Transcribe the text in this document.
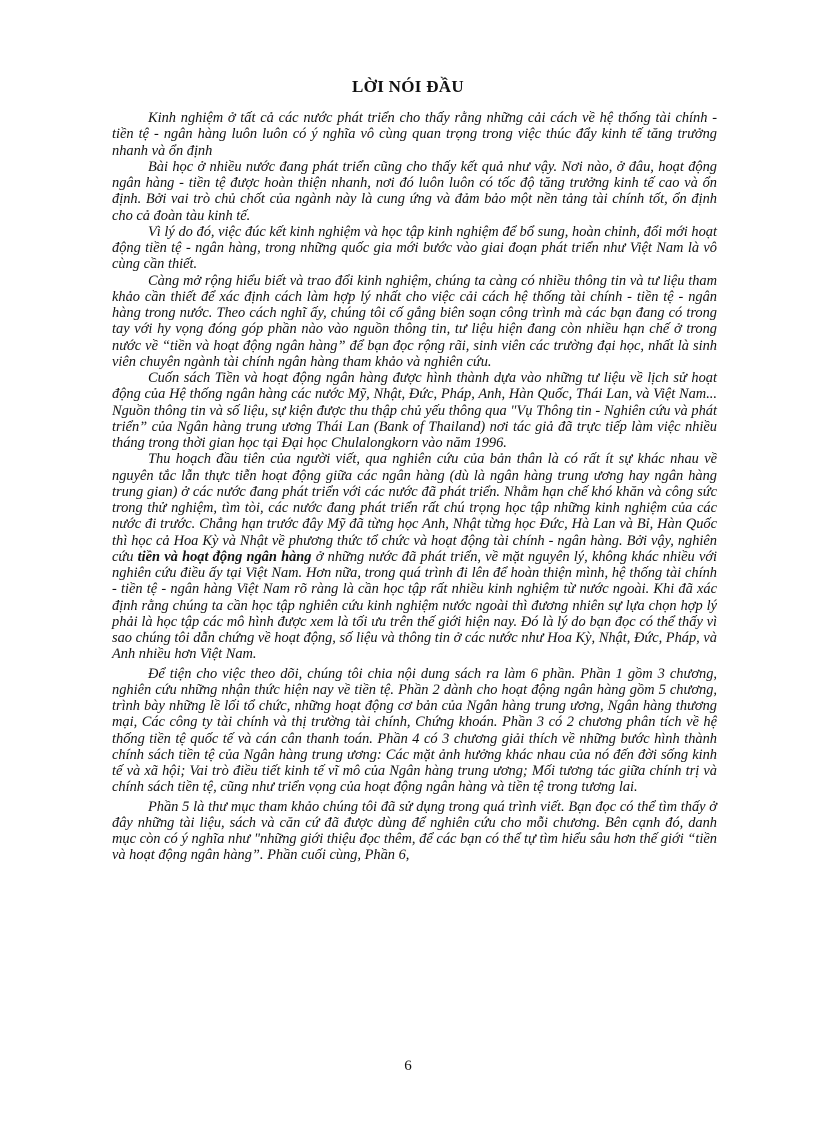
LỜI NÓI ĐẦU

Kinh nghiệm ở tất cả các nước phát triển cho thấy rằng những cải cách về hệ thống tài chính - tiền tệ - ngân hàng luôn luôn có ý nghĩa vô cùng quan trọng trong việc thúc đẩy kinh tế tăng trưởng nhanh và ổn định

Bài học ở nhiều nước đang phát triển cũng cho thấy kết quả như vậy. Nơi nào, ở đâu, hoạt động ngân hàng - tiền tệ được hoàn thiện nhanh, nơi đó luôn luôn có tốc độ tăng trưởng kinh tế cao và ổn định. Bởi vai trò chủ chốt của ngành này là cung ứng và đảm bảo một nền tảng tài chính tốt, ổn định cho cả đoàn tàu kinh tế.

Vì lý do đó, việc đúc kết kinh nghiệm và học tập kinh nghiệm để bổ sung, hoàn chỉnh, đổi mới hoạt động tiền tệ - ngân hàng, trong những quốc gia mới bước vào giai đoạn phát triển như Việt Nam là vô cùng cần thiết.

Càng mở rộng hiểu biết và trao đổi kinh nghiệm, chúng ta càng có nhiều thông tin và tư liệu tham khảo cần thiết để xác định cách làm hợp lý nhất cho việc cải cách hệ thống tài chính - tiền tệ - ngân hàng trong nước. Theo cách nghĩ ấy, chúng tôi cố gắng biên soạn công trình mà các bạn đang có trong tay với hy vọng đóng góp phần nào vào nguồn thông tin, tư liệu hiện đang còn nhiều hạn chế ở trong nước về “tiền và hoạt động ngân hàng” để bạn đọc rộng rãi, sinh viên các trường đại học, nhất là sinh viên chuyên ngành tài chính ngân hàng tham khảo và nghiên cứu.

Cuốn sách Tiền và hoạt động ngân hàng được hình thành dựa vào những tư liệu về lịch sử hoạt động của Hệ thống ngân hàng các nước Mỹ, Nhật, Đức, Pháp, Anh, Hàn Quốc, Thái Lan, và Việt Nam... Nguồn thông tin và số liệu, sự kiện được thu thập chủ yếu thông qua "Vụ Thông tin - Nghiên cứu và phát triển” của Ngân hàng trung ương Thái Lan (Bank of Thailand) nơi tác giả đã trực tiếp làm việc nhiều tháng trong thời gian học tại Đại học Chulalongkorn vào năm 1996.

Thu hoạch đầu tiên của người viết, qua nghiên cứu của bản thân là có rất ít sự khác nhau về nguyên tắc lẫn thực tiễn hoạt động giữa các ngân hàng (dù là ngân hàng trung ương hay ngân hàng trung gian) ở các nước đang phát triển với các nước đã phát triển. Nhằm hạn chế khó khăn và công sức trong thử nghiệm, tìm tòi, các nước đang phát triển rất chú trọng học tập những kinh nghiệm của các nước đi trước. Chẳng hạn trước đây Mỹ đã từng học Anh, Nhật từng học Đức, Hà Lan và Bỉ, Hàn Quốc thì học cả Hoa Kỳ và Nhật về phương thức tổ chức và hoạt động tài chính - ngân hàng. Bởi vậy, nghiên cứu tiền và hoạt động ngân hàng ở những nước đã phát triển, về mặt nguyên lý, không khác nhiều với nghiên cứu điều ấy tại Việt Nam. Hơn nữa, trong quá trình đi lên để hoàn thiện mình, hệ thống tài chính - tiền tệ - ngân hàng Việt Nam rõ ràng là cần học tập rất nhiều kinh nghiệm từ nước ngoài. Khi đã xác định rằng chúng ta cần học tập nghiên cứu kinh nghiệm nước ngoài thì đương nhiên sự lựa chọn hợp lý phải là học tập các mô hình được xem là tối ưu trên thế giới hiện nay. Đó là lý do bạn đọc có thể thấy vì sao chúng tôi dẫn chứng về hoạt động, số liệu và thông tin ở các nước như Hoa Kỳ, Nhật, Đức, Pháp, và Anh nhiều hơn Việt Nam.

Để tiện cho việc theo dõi, chúng tôi chia nội dung sách ra làm 6 phần. Phần 1 gồm 3 chương, nghiên cứu những nhận thức hiện nay về tiền tệ. Phần 2 dành cho hoạt động ngân hàng gồm 5 chương, trình bày những lề lối tổ chức, những hoạt động cơ bản của Ngân hàng trung ương, Ngân hàng thương mại, Các công ty tài chính và thị trường tài chính, Chứng khoán. Phần 3 có 2 chương phân tích về hệ thống tiền tệ quốc tế và cán cân thanh toán. Phần 4 có 3 chương giải thích về những bước hình thành chính sách tiền tệ của Ngân hàng trung ương: Các mặt ảnh hưởng khác nhau của nó đến đời sống kinh tế và xã hội; Vai trò điều tiết kinh tế vĩ mô của Ngân hàng trung ương; Mối tương tác giữa chính trị và chính sách tiền tệ, cũng như triển vọng của hoạt động ngân hàng và tiền tệ trong tương lai.

Phần 5 là thư mục tham khảo chúng tôi đã sử dụng trong quá trình viết. Bạn đọc có thể tìm thấy ở đây những tài liệu, sách và căn cứ đã được dùng để nghiên cứu cho mỗi chương. Bên cạnh đó, danh mục còn có ý nghĩa như "những giới thiệu đọc thêm, để các bạn có thể tự tìm hiểu sâu hơn thế giới “tiền và hoạt động ngân hàng”. Phần cuối cùng, Phần 6,

6
